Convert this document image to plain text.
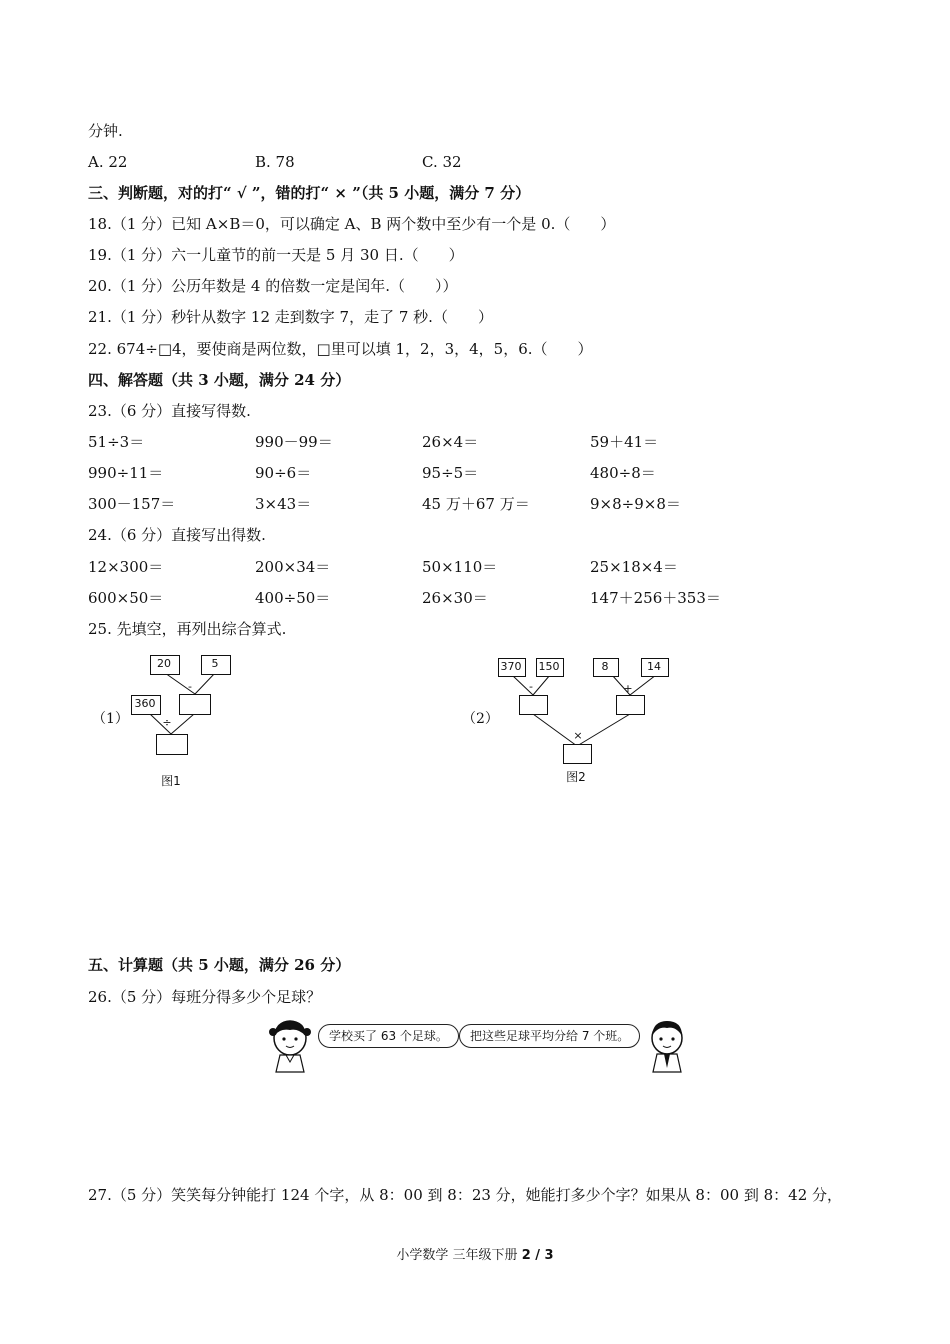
分钟.
A. 22	B. 78	C. 32
三、判断题，对的打“ √ ”，错的打“ × ”（共 5 小题，满分 7 分）
18.（1 分）已知 A×B＝0，可以确定 A、B 两个数中至少有一个是 0.（　　）
19.（1 分）六一儿童节的前一天是 5 月 30 日.（　　）
20.（1 分）公历年数是 4 的倍数一定是闰年.（　　））
21.（1 分）秒针从数字 12 走到数字 7，走了 7 秒.（　　）
22. 674÷□4，要使商是两位数，□里可以填 1，2，3，4，5，6.（　　）
四、解答题（共 3 小题，满分 24 分）
23.（6 分）直接写得数.
51÷3＝	990－99＝	26×4＝	59＋41＝
990÷11＝	90÷6＝	95÷5＝	480÷8＝
300－157＝	3×43＝	45 万＋67 万＝	9×8÷9×8＝
24.（6 分）直接写出得数.
12×300＝	200×34＝	50×110＝	25×18×4＝
600×50＝	400÷50＝	26×30＝	147＋256＋353＝
25. 先填空，再列出综合算式.
（1）
20	5
-
360
÷
图1
（2）
370 150
-
8	14
+
×
图2
五、计算题（共 5 小题，满分 26 分）
26.（5 分）每班分得多少个足球？
学校买了 63 个足球。	把这些足球平均分给 7 个班。
27.（5 分）笑笑每分钟能打 124 个字，从 8：00 到 8：23 分，她能打多少个字？如果从 8：00 到 8：42 分，
小学数学 三年级下册 2 / 3
